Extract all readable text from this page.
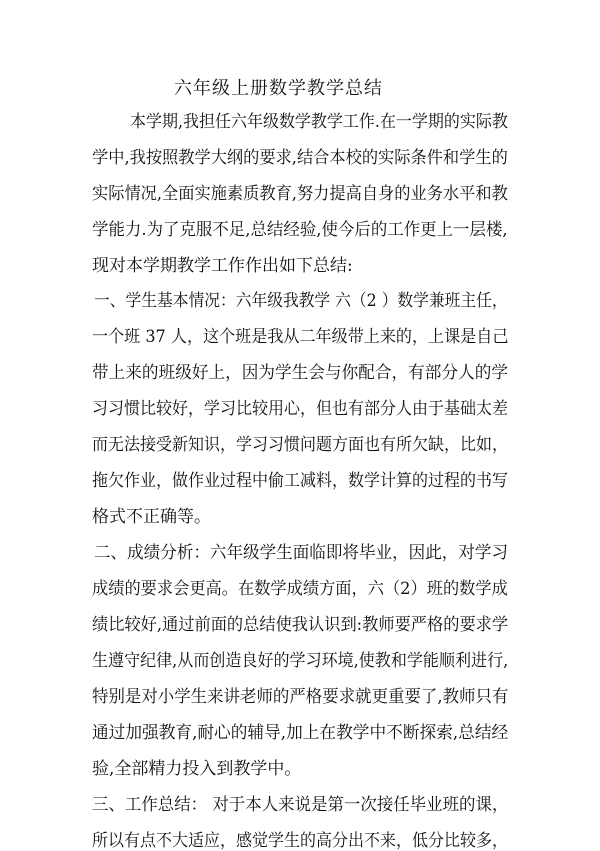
六年级上册数学教学总结
本学期,我担任六年级数学教学工作.在一学期的实际教
学中,我按照教学大纲的要求,结合本校的实际条件和学生的
实际情况,全面实施素质教育,努力提高自身的业务水平和教
学能力.为了克服不足,总结经验,使今后的工作更上一层楼,
现对本学期教学工作作出如下总结:
一、学生基本情况：六年级我教学 六（2 ）数学兼班主任，
一个班 37 人，这个班是我从二年级带上来的，上课是自己
带上来的班级好上，因为学生会与你配合，有部分人的学
习习惯比较好，学习比较用心，但也有部分人由于基础太差
而无法接受新知识，学习习惯问题方面也有所欠缺，比如，
拖欠作业，做作业过程中偷工减料，数学计算的过程的书写
格式不正确等。
二、成绩分析：六年级学生面临即将毕业，因此，对学习
成绩的要求会更高。在数学成绩方面，六（2）班的数学成
绩比较好,通过前面的总结使我认识到:教师要严格的要求学
生遵守纪律,从而创造良好的学习环境,使教和学能顺利进行,
特别是对小学生来讲老师的严格要求就更重要了,教师只有
通过加强教育,耐心的辅导,加上在教学中不断探索,总结经
验,全部精力投入到教学中。
三、工作总结： 对于本人来说是第一次接任毕业班的课，
所以有点不大适应，感觉学生的高分出不来，低分比较多，
